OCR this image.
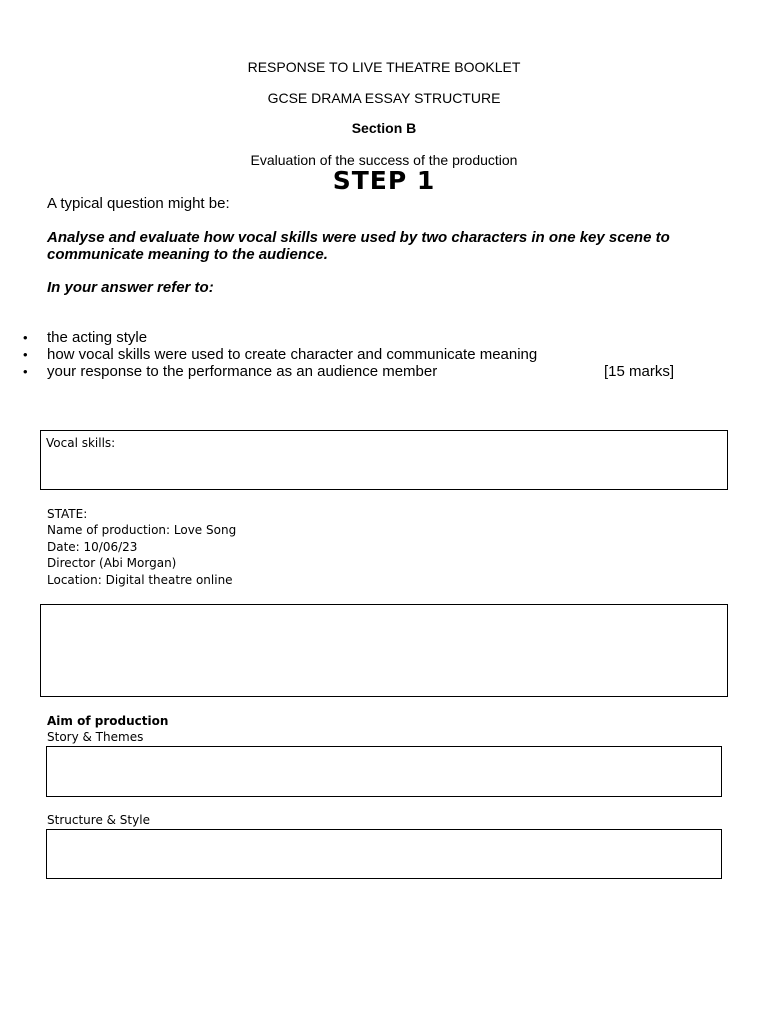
RESPONSE TO LIVE THEATRE BOOKLET
GCSE DRAMA ESSAY STRUCTURE
Section B
Evaluation of the success of the production
STEP 1
A typical question might be:
Analyse and evaluate how vocal skills were used by two characters in one key scene to
communicate meaning to the audience.
In your answer refer to:
• the acting style
• how vocal skills were used to create character and communicate meaning
• your response to the performance as an audience member	[15 marks]
Vocal skills:
STATE:
Name of production: Love Song
Date: 10/06/23
Director (Abi Morgan)
Location: Digital theatre online
Aim of production
Story & Themes
Structure & Style
